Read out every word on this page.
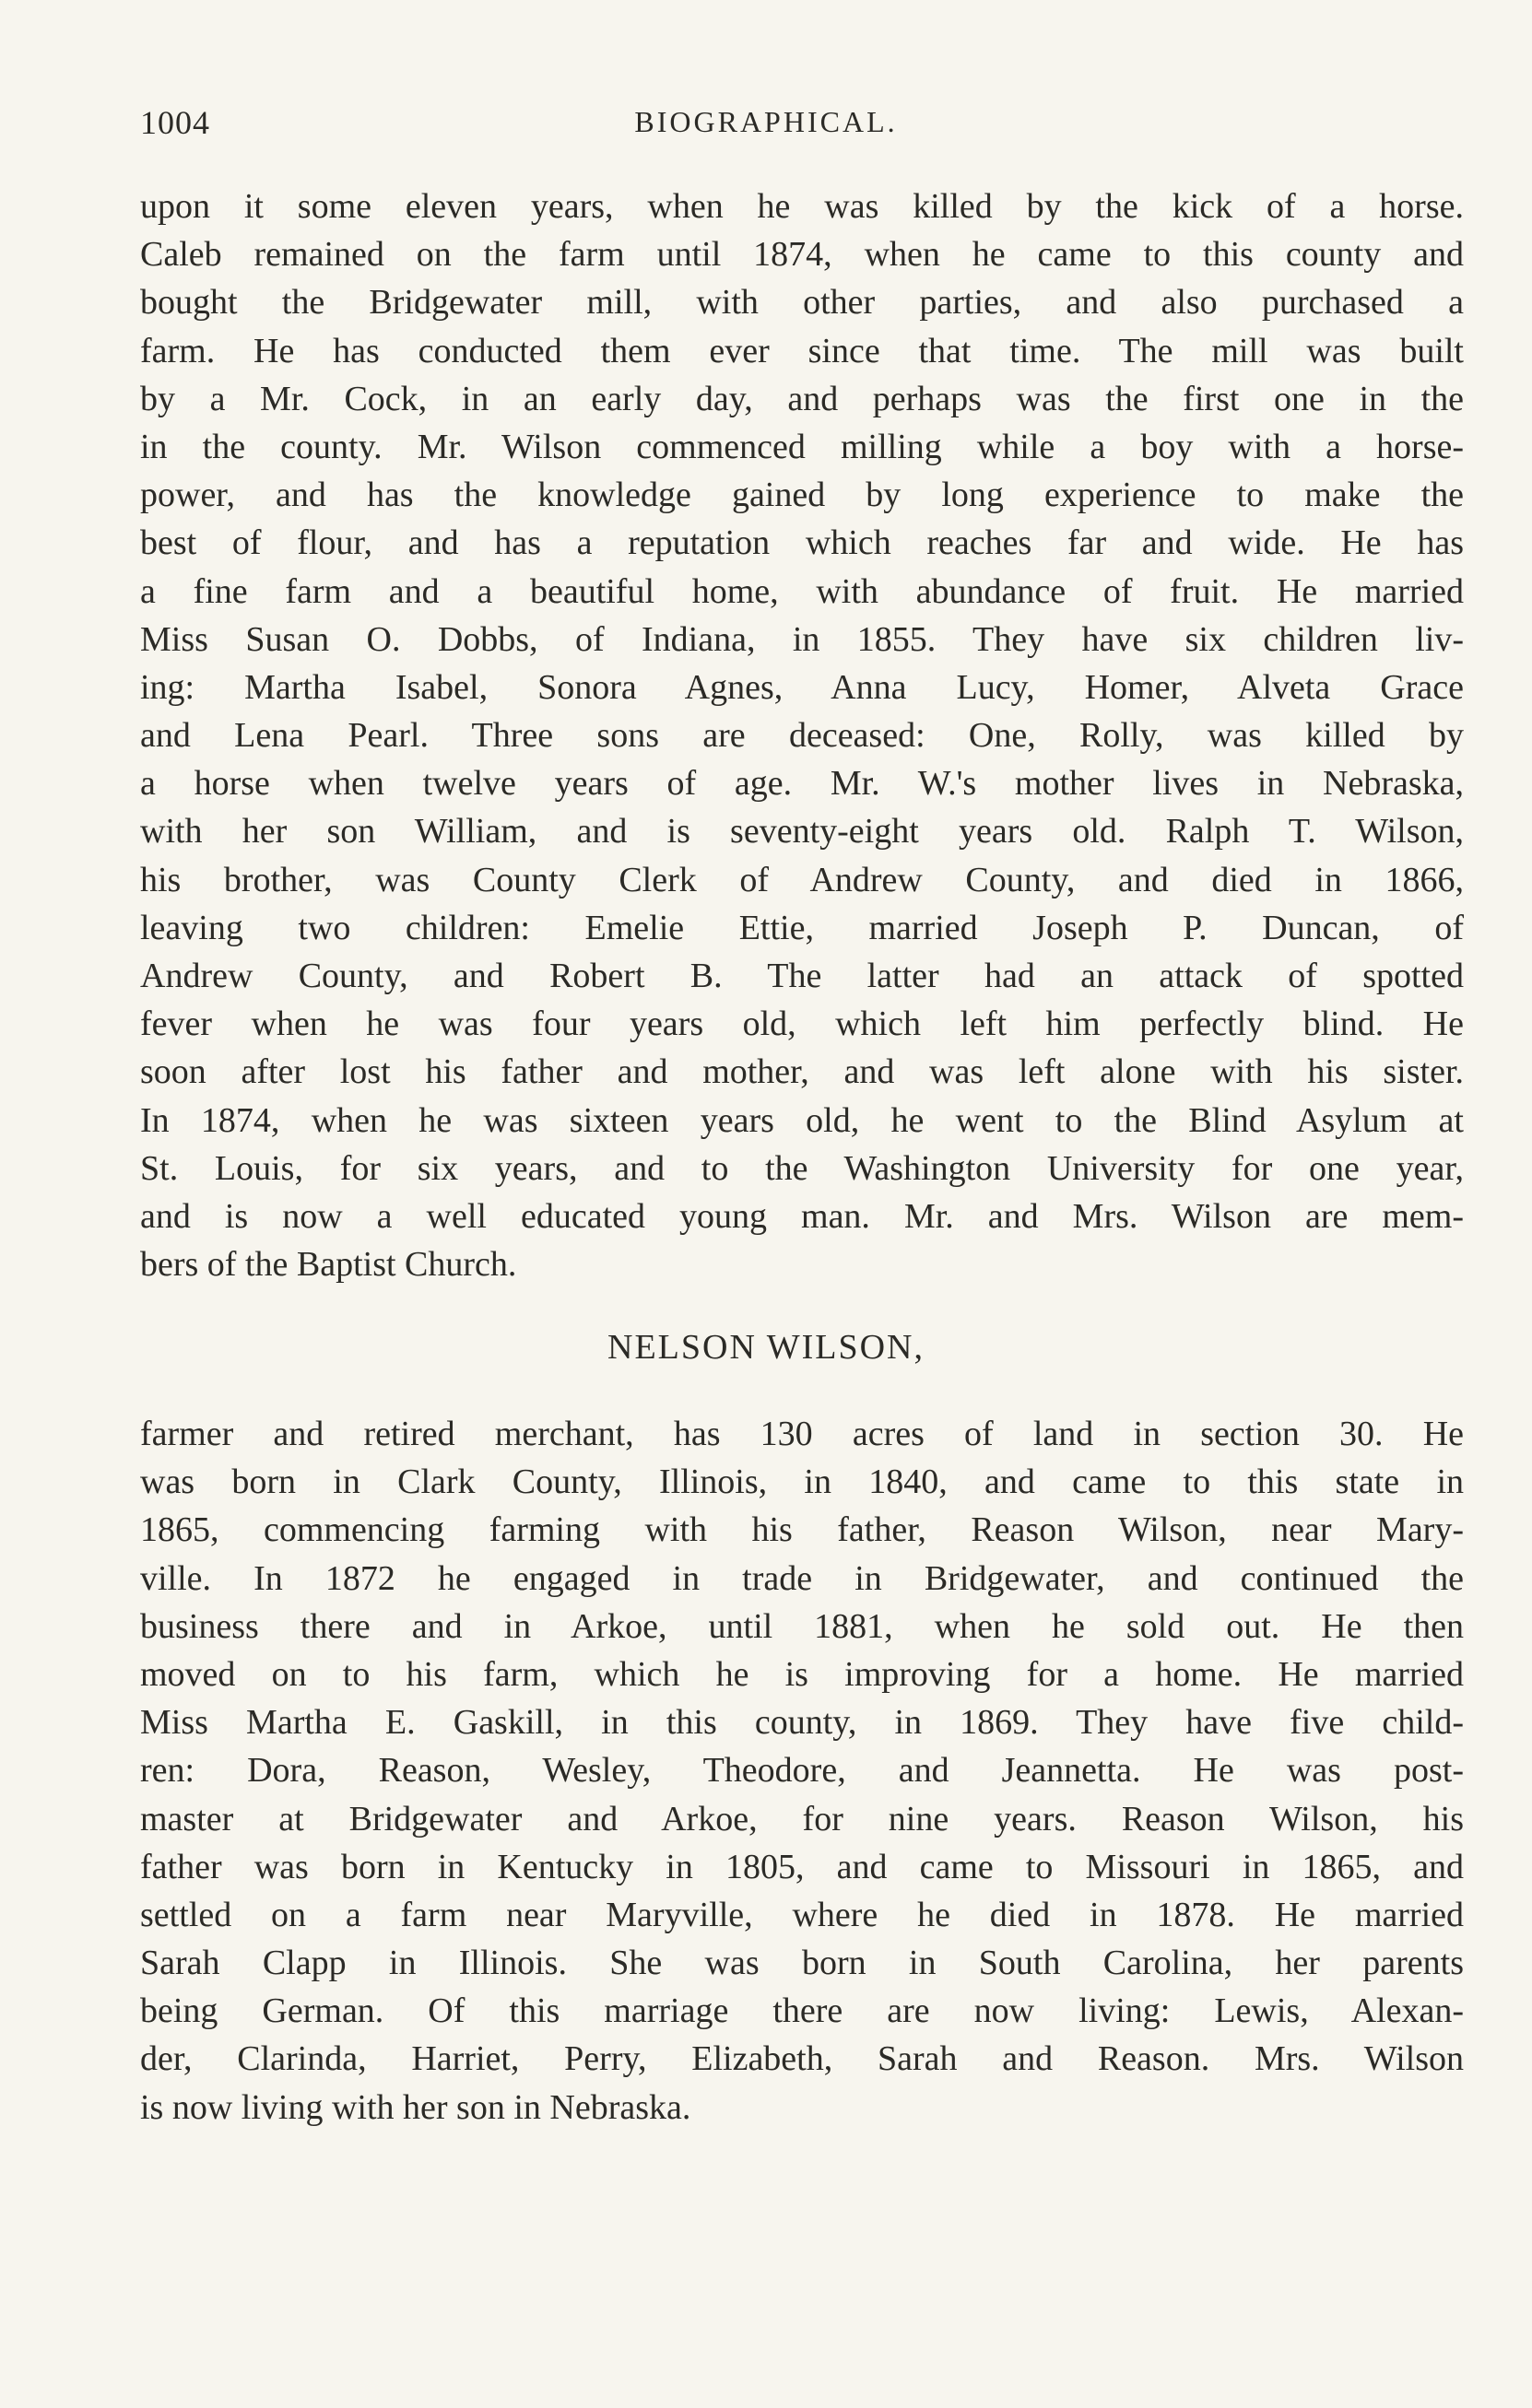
1004	BIOGRAPHICAL.

upon it some eleven years, when he was killed by the kick of a horse.
Caleb remained on the farm until 1874, when he came to this county and
bought the Bridgewater mill, with other parties, and also purchased a
farm. He has conducted them ever since that time. The mill was built
by a Mr. Cock, in an early day, and perhaps was the first one in the
in the county. Mr. Wilson commenced milling while a boy with a horse-
power, and has the knowledge gained by long experience to make the
best of flour, and has a reputation which reaches far and wide. He has
a fine farm and a beautiful home, with abundance of fruit. He married
Miss Susan O. Dobbs, of Indiana, in 1855. They have six children liv-
ing: Martha Isabel, Sonora Agnes, Anna Lucy, Homer, Alveta Grace
and Lena Pearl. Three sons are deceased: One, Rolly, was killed by
a horse when twelve years of age. Mr. W.'s mother lives in Nebraska,
with her son William, and is seventy-eight years old. Ralph T. Wilson,
his brother, was County Clerk of Andrew County, and died in 1866,
leaving two children: Emelie Ettie, married Joseph P. Duncan, of
Andrew County, and Robert B. The latter had an attack of spotted
fever when he was four years old, which left him perfectly blind. He
soon after lost his father and mother, and was left alone with his sister.
In 1874, when he was sixteen years old, he went to the Blind Asylum at
St. Louis, for six years, and to the Washington University for one year,
and is now a well educated young man. Mr. and Mrs. Wilson are mem-
bers of the Baptist Church.

NELSON WILSON,

farmer and retired merchant, has 130 acres of land in section 30. He
was born in Clark County, Illinois, in 1840, and came to this state in
1865, commencing farming with his father, Reason Wilson, near Mary-
ville. In 1872 he engaged in trade in Bridgewater, and continued the
business there and in Arkoe, until 1881, when he sold out. He then
moved on to his farm, which he is improving for a home. He married
Miss Martha E. Gaskill, in this county, in 1869. They have five child-
ren: Dora, Reason, Wesley, Theodore, and Jeannetta. He was post-
master at Bridgewater and Arkoe, for nine years. Reason Wilson, his
father was born in Kentucky in 1805, and came to Missouri in 1865, and
settled on a farm near Maryville, where he died in 1878. He married
Sarah Clapp in Illinois. She was born in South Carolina, her parents
being German. Of this marriage there are now living: Lewis, Alexan-
der, Clarinda, Harriet, Perry, Elizabeth, Sarah and Reason. Mrs. Wilson
is now living with her son in Nebraska.
